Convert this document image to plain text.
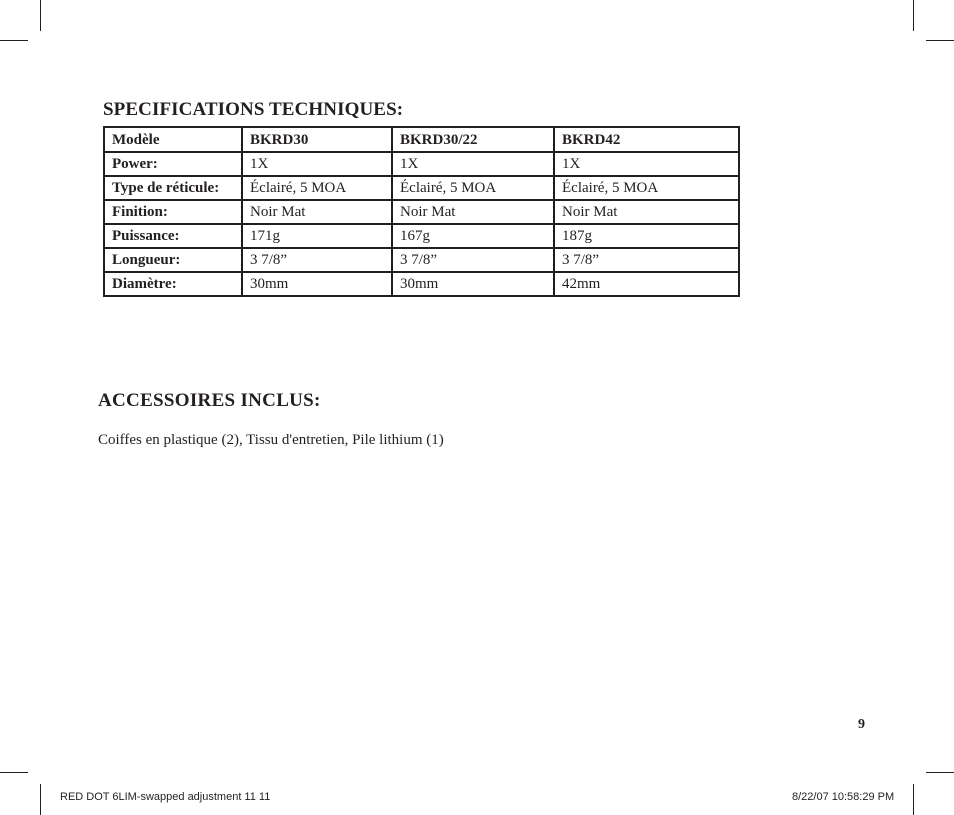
SPECIFICATIONS TECHNIQUES:
Modèle	BKRD30	BKRD30/22	BKRD42
Power:	1X	1X	1X
Type de réticule:	Éclairé, 5 MOA	Éclairé, 5 MOA	Éclairé, 5 MOA
Finition:	Noir Mat	Noir Mat	Noir Mat
Puissance:	171g	167g	187g
Longueur:	3 7/8”	3 7/8”	3 7/8”
Diamètre:	30mm	30mm	42mm
ACCESSOIRES INCLUS:

Coiffes en plastique (2), Tissu d'entretien, Pile lithium (1)

9
RED DOT 6LIM-swapped adjustment 11 11	8/22/07 10:58:29 PM
